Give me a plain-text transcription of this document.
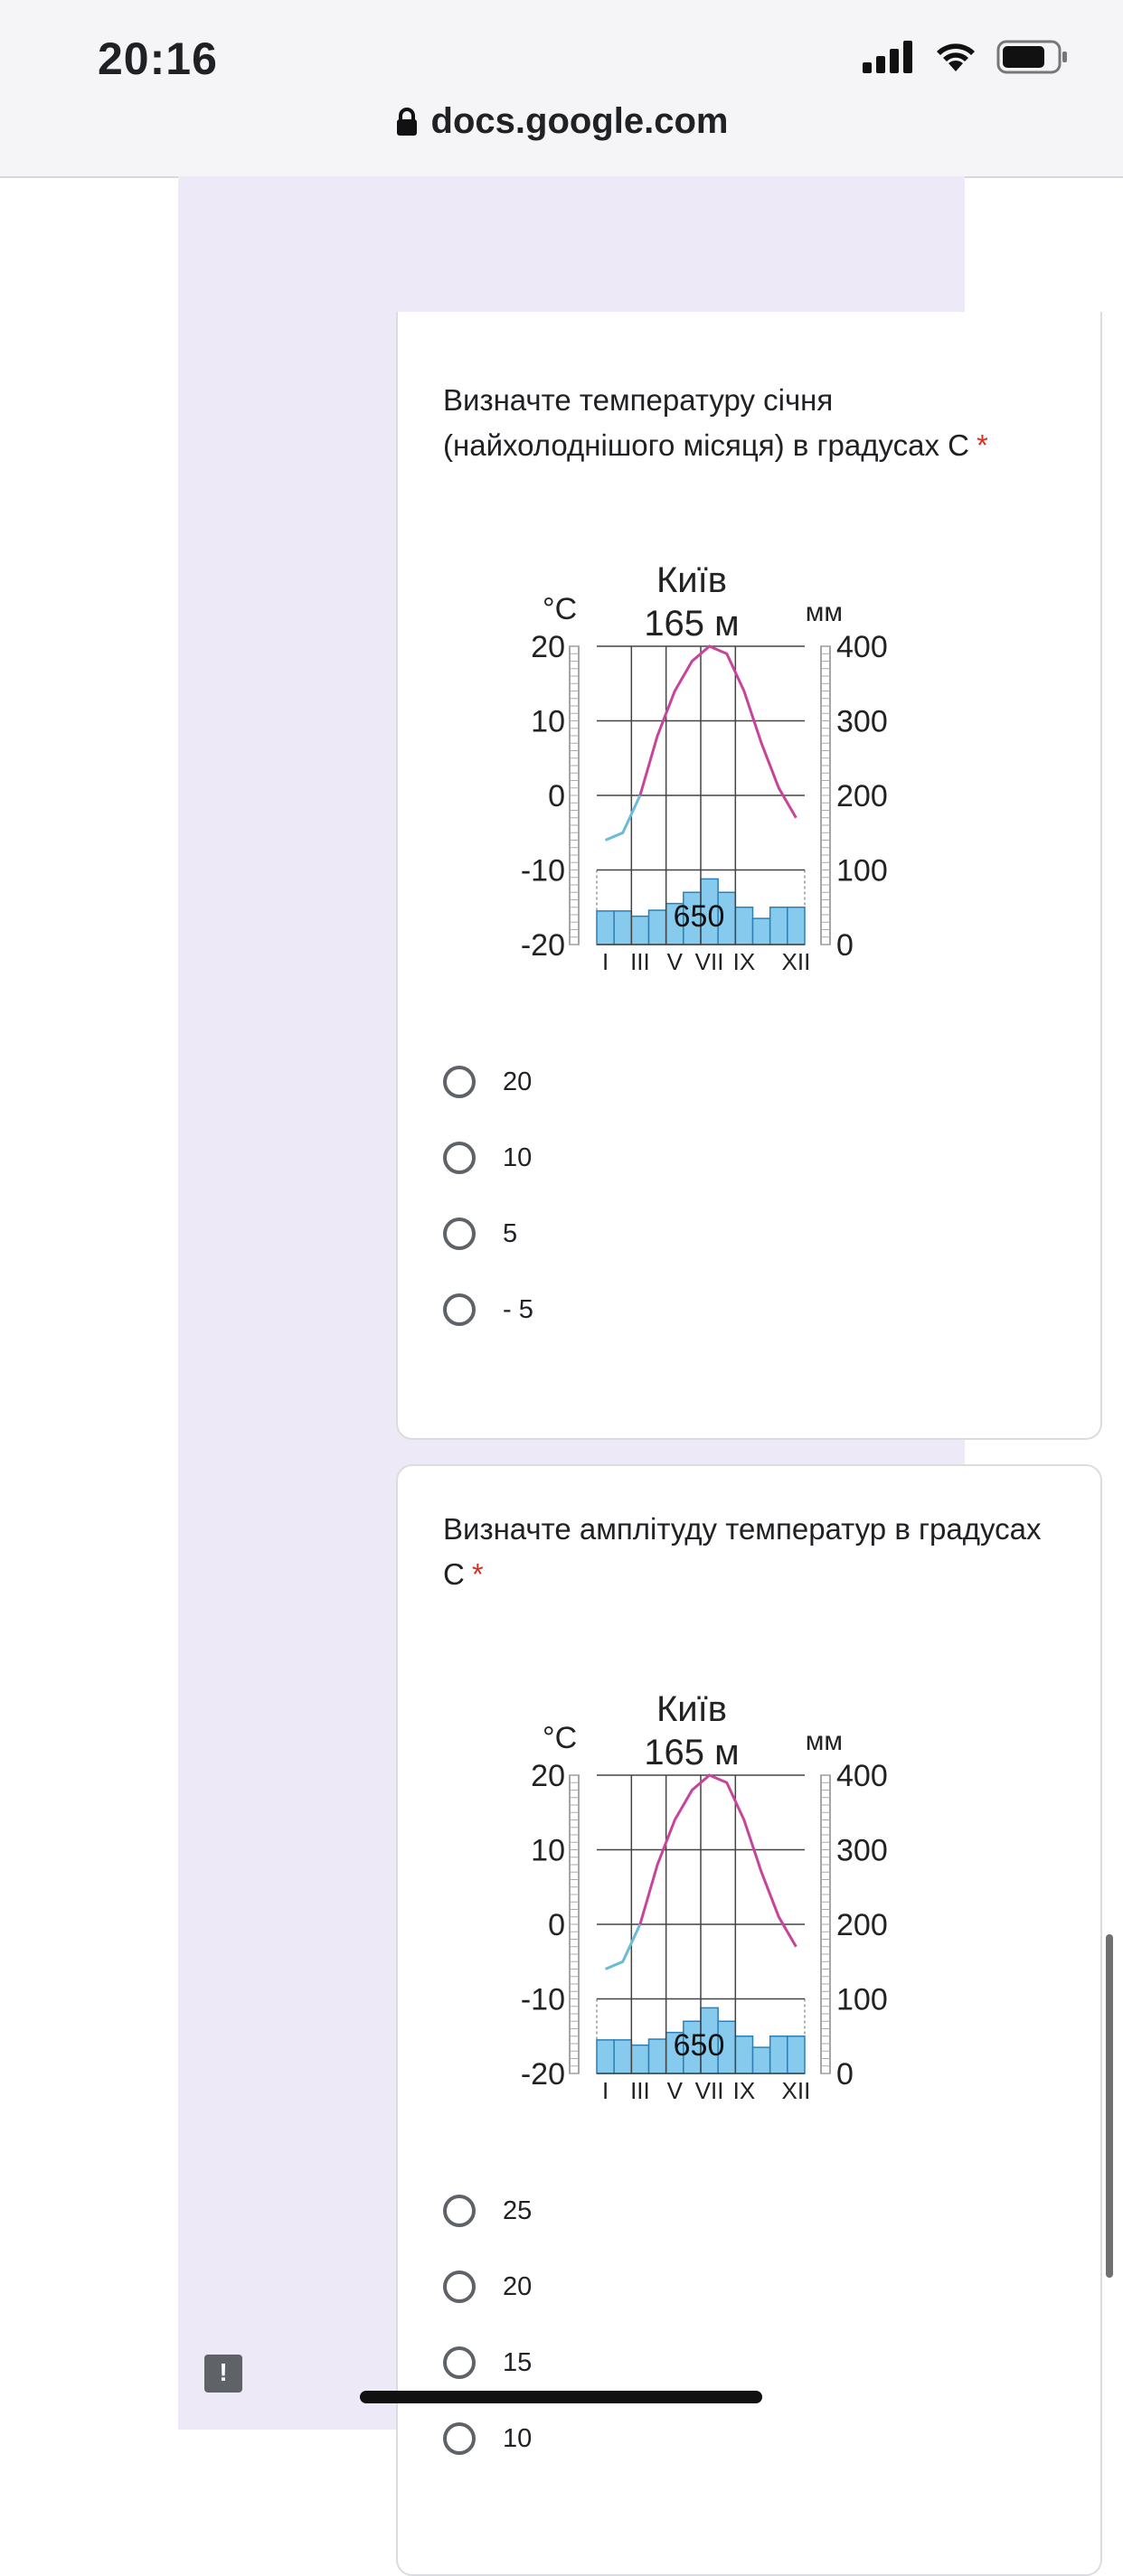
20:16
docs.google.com
Визначте температуру січня (найхолоднішого місяця) в градусах С *
Київ
165 м
°С	мм
20
10
0
-10
-20
400
300
200
100
0
650
I III V VII IX XII
20
10
5
- 5
Визначте амплітуду температур в градусах С *
Київ
165 м
°С	мм
20
10
0
-10
-20
400
300
200
100
0
650
I III V VII IX XII
25
20
15
10
!
